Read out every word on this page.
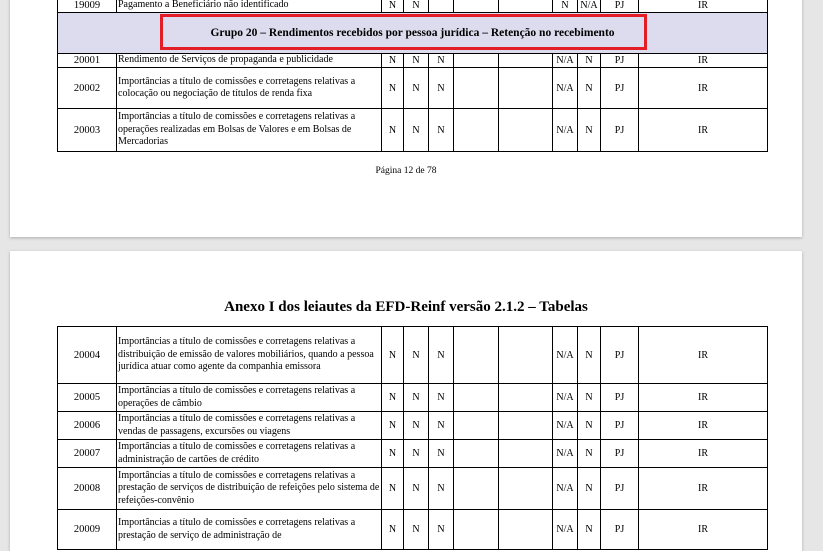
19009	Pagamento a Beneficiário não identificado	N	N				N	N/A	PJ	IR
Grupo 20 – Rendimentos recebidos por pessoa jurídica – Retenção no recebimento										
20001	Rendimento de Serviços de propaganda e publicidade	N	N	N			N/A	N	PJ	IR
20002	Importâncias a título de comissões e corretagens relativas a colocação ou negociação de títulos de renda fixa	N	N	N			N/A	N	PJ	IR
20003	Importâncias a título de comissões e corretagens relativas a operações realizadas em Bolsas de Valores e em Bolsas de Mercadorias	N	N	N			N/A	N	PJ	IR
Página 12 de 78
Anexo I dos leiautes da EFD-Reinf versão 2.1.2 – Tabelas
20004	Importâncias a título de comissões e corretagens relativas a distribuição de emissão de valores mobiliários, quando a pessoa jurídica atuar como agente da companhia emissora	N	N	N			N/A	N	PJ	IR
20005	Importâncias a título de comissões e corretagens relativas a operações de câmbio	N	N	N			N/A	N	PJ	IR
20006	Importâncias a título de comissões e corretagens relativas a vendas de passagens, excursões ou viagens	N	N	N			N/A	N	PJ	IR
20007	Importâncias a título de comissões e corretagens relativas a administração de cartões de crédito	N	N	N			N/A	N	PJ	IR
20008	Importâncias a título de comissões e corretagens relativas a prestação de serviços de distribuição de refeições pelo sistema de refeições-convênio	N	N	N			N/A	N	PJ	IR
20009	Importâncias a título de comissões e corretagens relativas a prestação de serviço de administração de	N	N	N			N/A	N	PJ	IR
